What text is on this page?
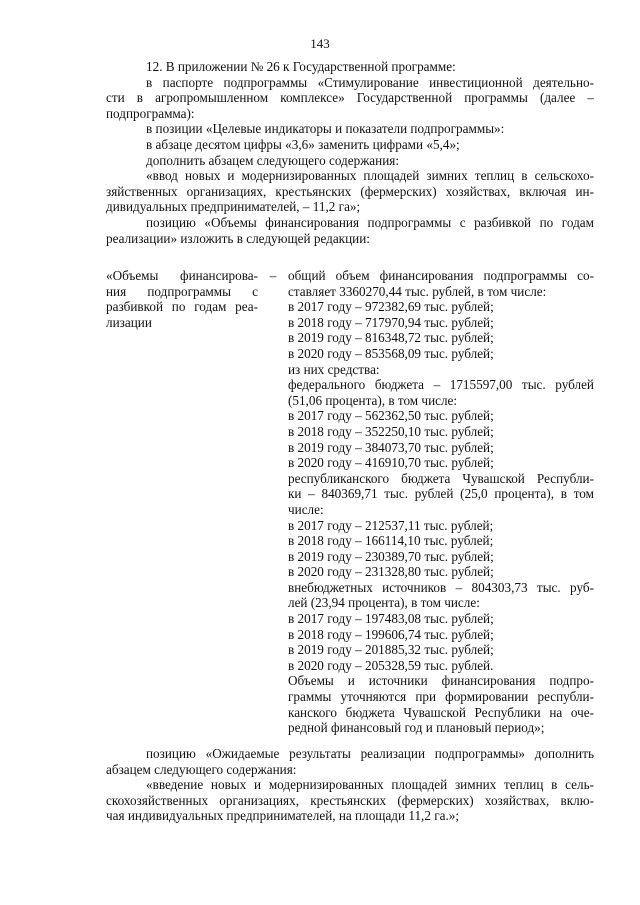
143

12. В приложении № 26 к Государственной программе:

в паспорте подпрограммы «Стимулирование инвестиционной деятельно-

сти в агропромышленном комплексе» Государственной программы (далее –

подпрограмма):

в позиции «Целевые индикаторы и показатели подпрограммы»:

в абзаце десятом цифры «3,6» заменить цифрами «5,4»;

дополнить абзацем следующего содержания:

«ввод новых и модернизированных площадей зимних теплиц в сельскохо-

зяйственных организациях, крестьянских (фермерских) хозяйствах, включая ин-

дивидуальных предпринимателей, – 11,2 га»;

позицию «Объемы финансирования подпрограммы с разбивкой по годам

реализации» изложить в следующей редакции:

«Объемы финансирова-

ния подпрограммы с

разбивкой по годам реа-

лизации

– общий объем финансирования подпрограммы со-

ставляет 3360270,44 тыс. рублей, в том числе:

в 2017 году – 972382,69 тыс. рублей;

в 2018 году – 717970,94 тыс. рублей;

в 2019 году – 816348,72 тыс. рублей;

в 2020 году – 853568,09 тыс. рублей;

из них средства:

федерального бюджета – 1715597,00 тыс. рублей

(51,06 процента), в том числе:

в 2017 году – 562362,50 тыс. рублей;

в 2018 году – 352250,10 тыс. рублей;

в 2019 году – 384073,70 тыс. рублей;

в 2020 году – 416910,70 тыс. рублей;

республиканского бюджета Чувашской Республи-

ки – 840369,71 тыс. рублей (25,0 процента), в том

числе:

в 2017 году – 212537,11 тыс. рублей;

в 2018 году – 166114,10 тыс. рублей;

в 2019 году – 230389,70 тыс. рублей;

в 2020 году – 231328,80 тыс. рублей;

внебюджетных источников – 804303,73 тыс. руб-

лей (23,94 процента), в том числе:

в 2017 году – 197483,08 тыс. рублей;

в 2018 году – 199606,74 тыс. рублей;

в 2019 году – 201885,32 тыс. рублей;

в 2020 году – 205328,59 тыс. рублей.

Объемы и источники финансирования подпро-

граммы уточняются при формировании республи-

канского бюджета Чувашской Республики на оче-

редной финансовый год и плановый период»;

позицию «Ожидаемые результаты реализации подпрограммы» дополнить

абзацем следующего содержания:

«введение новых и модернизированных площадей зимних теплиц в сель-

скохозяйственных организациях, крестьянских (фермерских) хозяйствах, вклю-

чая индивидуальных предпринимателей, на площади 11,2 га.»;
